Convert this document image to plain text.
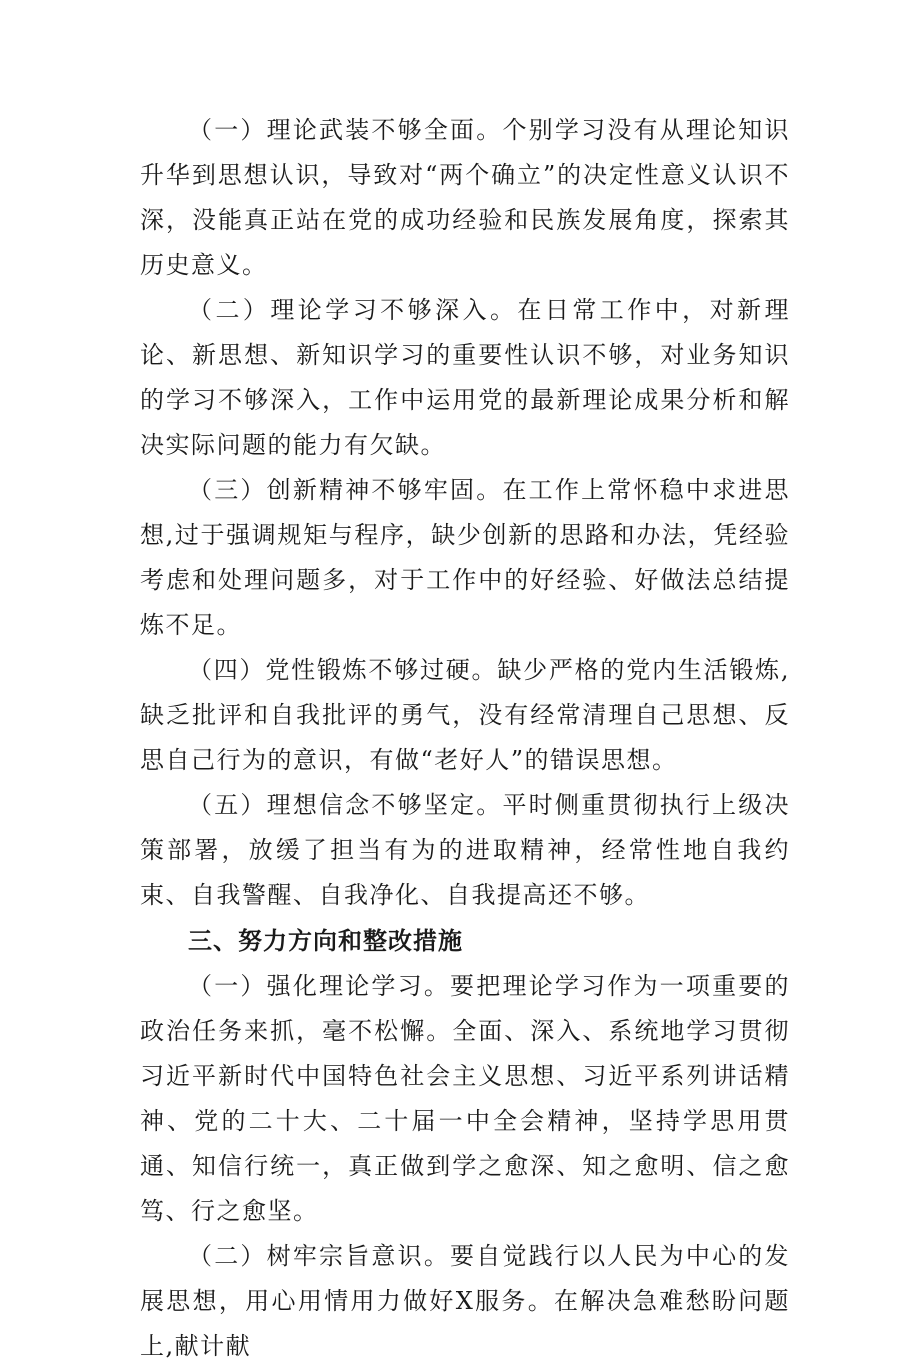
（一）理论武装不够全面。个别学习没有从理论知识升华到思想认识，导致对“两个确立”的决定性意义认识不深，没能真正站在党的成功经验和民族发展角度，探索其历史意义。

（二）理论学习不够深入。在日常工作中，对新理论、新思想、新知识学习的重要性认识不够，对业务知识的学习不够深入，工作中运用党的最新理论成果分析和解决实际问题的能力有欠缺。

（三）创新精神不够牢固。在工作上常怀稳中求进思想,过于强调规矩与程序，缺少创新的思路和办法，凭经验考虑和处理问题多，对于工作中的好经验、好做法总结提炼不足。

（四）党性锻炼不够过硬。缺少严格的党内生活锻炼,缺乏批评和自我批评的勇气，没有经常清理自己思想、反思自己行为的意识，有做“老好人”的错误思想。

（五）理想信念不够坚定。平时侧重贯彻执行上级决策部署，放缓了担当有为的进取精神，经常性地自我约束、自我警醒、自我净化、自我提高还不够。

三、努力方向和整改措施

（一）强化理论学习。要把理论学习作为一项重要的政治任务来抓，毫不松懈。全面、深入、系统地学习贯彻习近平新时代中国特色社会主义思想、习近平系列讲话精神、党的二十大、二十届一中全会精神，坚持学思用贯通、知信行统一，真正做到学之愈深、知之愈明、信之愈笃、行之愈坚。

（二）树牢宗旨意识。要自觉践行以人民为中心的发展思想，用心用情用力做好X服务。在解决急难愁盼问题上,献计献
